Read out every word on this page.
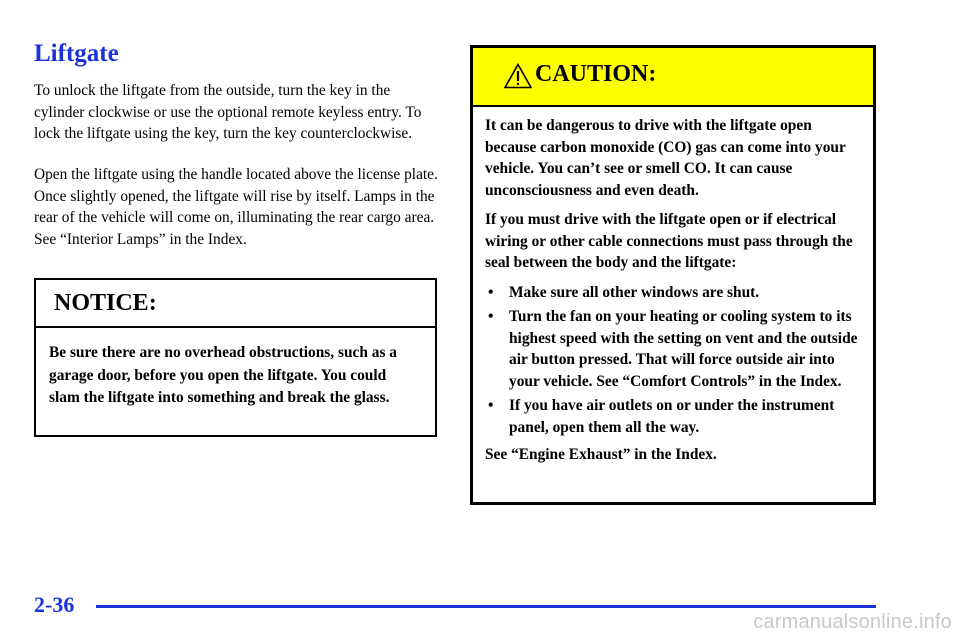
Liftgate

To unlock the liftgate from the outside, turn the key in the cylinder clockwise or use the optional remote keyless entry. To lock the liftgate using the key, turn the key counterclockwise.

Open the liftgate using the handle located above the license plate. Once slightly opened, the liftgate will rise by itself. Lamps in the rear of the vehicle will come on, illuminating the rear cargo area. See “Interior Lamps” in the Index.

NOTICE:
Be sure there are no overhead obstructions, such as a garage door, before you open the liftgate. You could slam the liftgate into something and break the glass.
CAUTION:

It can be dangerous to drive with the liftgate open because carbon monoxide (CO) gas can come into your vehicle. You can’t see or smell CO. It can cause unconsciousness and even death.

If you must drive with the liftgate open or if electrical wiring or other cable connections must pass through the seal between the body and the liftgate:

• Make sure all other windows are shut.
• Turn the fan on your heating or cooling system to its highest speed with the setting on vent and the outside air button pressed. That will force outside air into your vehicle. See “Comfort Controls” in the Index.
• If you have air outlets on or under the instrument panel, open them all the way.

See “Engine Exhaust” in the Index.

2-36
carmanualsonline.info
